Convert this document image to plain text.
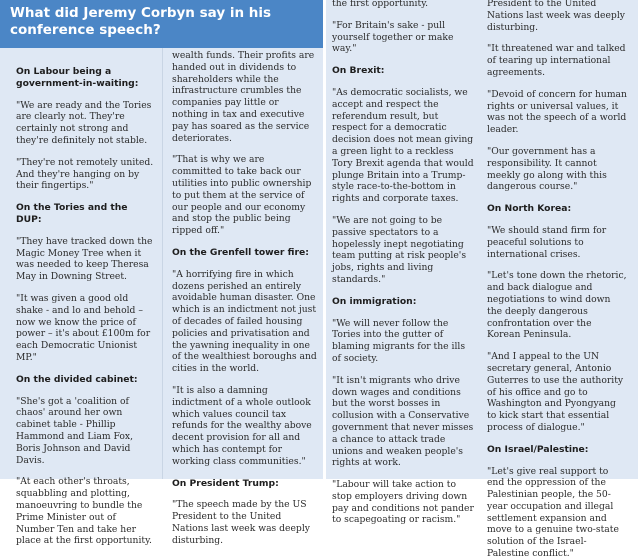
What did Jeremy Corbyn say in his conference speech?
On Labour being a government-in-waiting:

"We are ready and the Tories are clearly not. They're certainly not strong and they're definitely not stable.

"They're not remotely united. And they're hanging on by their fingertips."

On the Tories and the DUP:

"They have tracked down the Magic Money Tree when it was needed to keep Theresa May in Downing Street.

"It was given a good old shake - and lo and behold – now we know the price of power – it's about £100m for each Democratic Unionist MP."

On the divided cabinet:

"She's got a 'coalition of chaos' around her own cabinet table - Phillip Hammond and Liam Fox, Boris Johnson and David Davis.

"At each other's throats, squabbling and plotting, manoeuvring to bundle the Prime Minister out of Number Ten and take her place at the first opportunity.

wealth funds. Their profits are handed out in dividends to shareholders while the infrastructure crumbles the companies pay little or nothing in tax and executive pay has soared as the service deteriorates.

"That is why we are committed to take back our utilities into public ownership to put them at the service of our people and our economy and stop the public being ripped off."

On the Grenfell tower fire:

"A horrifying fire in which dozens perished an entirely avoidable human disaster. One which is an indictment not just of decades of failed housing policies and privatisation and the yawning inequality in one of the wealthiest boroughs and cities in the world.

"It is also a damning indictment of a whole outlook which values council tax refunds for the wealthy above decent provision for all and which has contempt for working class communities."

On President Trump:

"The speech made by the US President to the United Nations last week was deeply disturbing.

the first opportunity.

"For Britain's sake - pull yourself together or make way."

On Brexit:

"As democratic socialists, we accept and respect the referendum result, but respect for a democratic decision does not mean giving a green light to a reckless Tory Brexit agenda that would plunge Britain into a Trump-style race-to-the-bottom in rights and corporate taxes.

"We are not going to be passive spectators to a hopelessly inept negotiating team putting at risk people's jobs, rights and living standards."

On immigration:

"We will never follow the Tories into the gutter of blaming migrants for the ills of society.

"It isn't migrants who drive down wages and conditions but the worst bosses in collusion with a Conservative government that never misses a chance to attack trade unions and weaken people's rights at work.

"Labour will take action to stop employers driving down pay and conditions not pander to scapegoating or racism."

President to the United Nations last week was deeply disturbing.

"It threatened war and talked of tearing up international agreements.

"Devoid of concern for human rights or universal values, it was not the speech of a world leader.

"Our government has a responsibility. It cannot meekly go along with this dangerous course."

On North Korea:

"We should stand firm for peaceful solutions to international crises.

"Let's tone down the rhetoric, and back dialogue and negotiations to wind down the deeply dangerous confrontation over the Korean Peninsula.

"And I appeal to the UN secretary general, Antonio Guterres to use the authority of his office and go to Washington and Pyongyang to kick start that essential process of dialogue."

On Israel/Palestine:

"Let's give real support to end the oppression of the Palestinian people, the 50-year occupation and illegal settlement expansion and move to a genuine two-state solution of the Israel-Palestine conflict."
